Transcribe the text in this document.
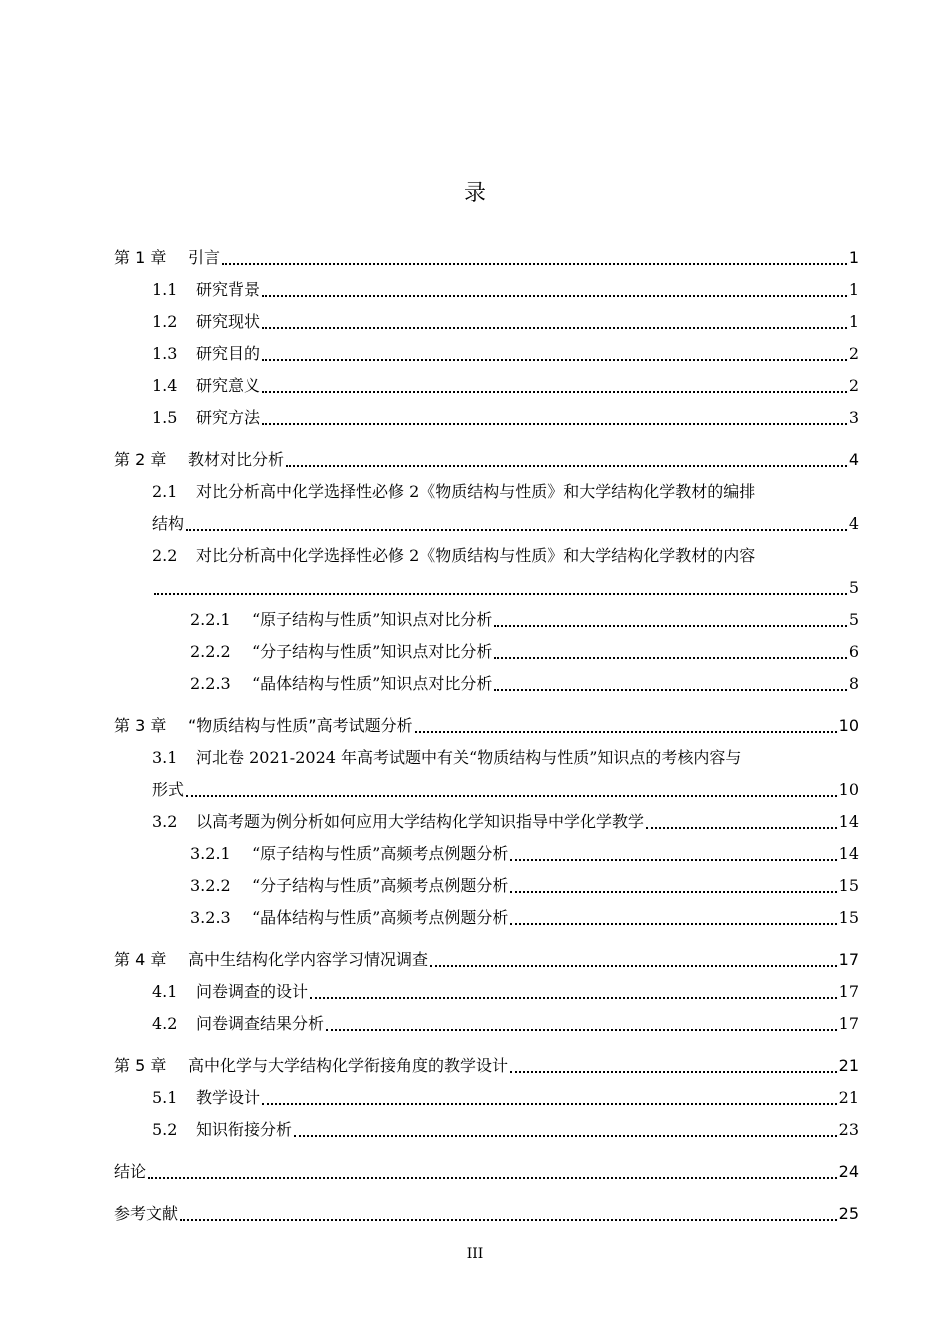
录
第 1 章	引言	1
1.1	研究背景	1
1.2	研究现状	1
1.3	研究目的	2
1.4	研究意义	2
1.5	研究方法	3
第 2 章	教材对比分析	4
2.1	对比分析高中化学选择性必修 2《物质结构与性质》和大学结构化学教材的编排
结构	4
2.2	对比分析高中化学选择性必修 2《物质结构与性质》和大学结构化学教材的内容
5
2.2.1	“原子结构与性质”知识点对比分析	5
2.2.2	“分子结构与性质”知识点对比分析	6
2.2.3	“晶体结构与性质”知识点对比分析	8
第 3 章	“物质结构与性质”高考试题分析	10
3.1	河北卷 2021-2024 年高考试题中有关“物质结构与性质”知识点的考核内容与
形式	10
3.2	以高考题为例分析如何应用大学结构化学知识指导中学化学教学	14
3.2.1	“原子结构与性质”高频考点例题分析	14
3.2.2	“分子结构与性质”高频考点例题分析	15
3.2.3	“晶体结构与性质”高频考点例题分析	15
第 4 章	高中生结构化学内容学习情况调查	17
4.1	问卷调查的设计	17
4.2	问卷调查结果分析	17
第 5 章	高中化学与大学结构化学衔接角度的教学设计	21
5.1	教学设计	21
5.2	知识衔接分析	23
结论	24
参考文献	25
III
